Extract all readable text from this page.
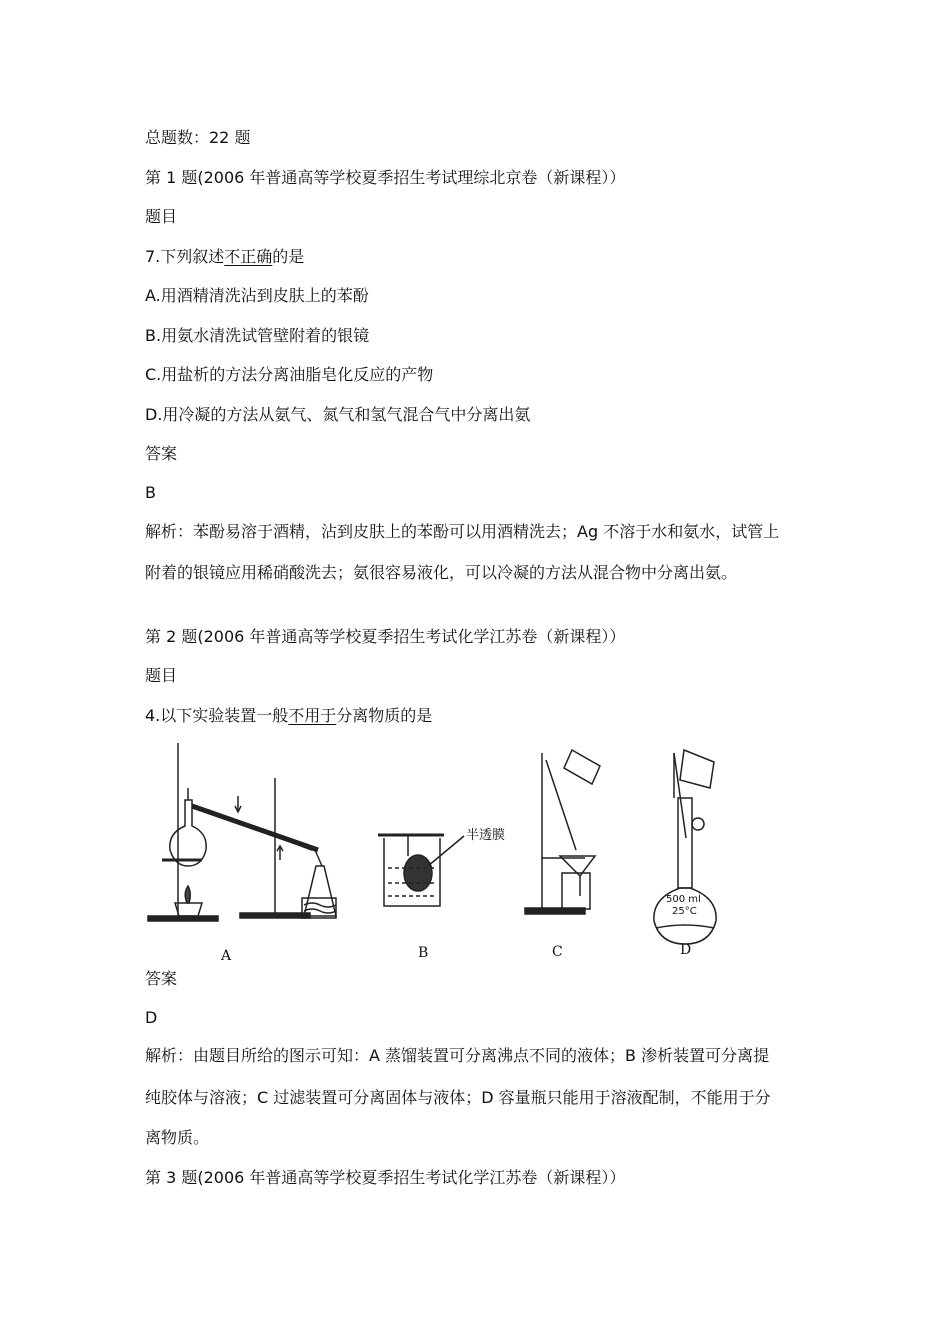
总题数：22 题
第 1 题(2006 年普通高等学校夏季招生考试理综北京卷（新课程））
题目
7.下列叙述不正确的是
A.用酒精清洗沾到皮肤上的苯酚
B.用氨水清洗试管壁附着的银镜
C.用盐析的方法分离油脂皂化反应的产物
D.用冷凝的方法从氨气、氮气和氢气混合气中分离出氨
答案
B
解析：苯酚易溶于酒精，沾到皮肤上的苯酚可以用酒精洗去；Ag 不溶于水和氨水，试管上
附着的银镜应用稀硝酸洗去；氨很容易液化，可以冷凝的方法从混合物中分离出氨。
第 2 题(2006 年普通高等学校夏季招生考试化学江苏卷（新课程））
题目
4.以下实验装置一般不用于分离物质的是
A	B	C	D
半透膜
500 ml
25°C
答案
D
解析：由题目所给的图示可知：A 蒸馏装置可分离沸点不同的液体；B 渗析装置可分离提
纯胶体与溶液；C 过滤装置可分离固体与液体；D 容量瓶只能用于溶液配制，不能用于分
离物质。
第 3 题(2006 年普通高等学校夏季招生考试化学江苏卷（新课程））
